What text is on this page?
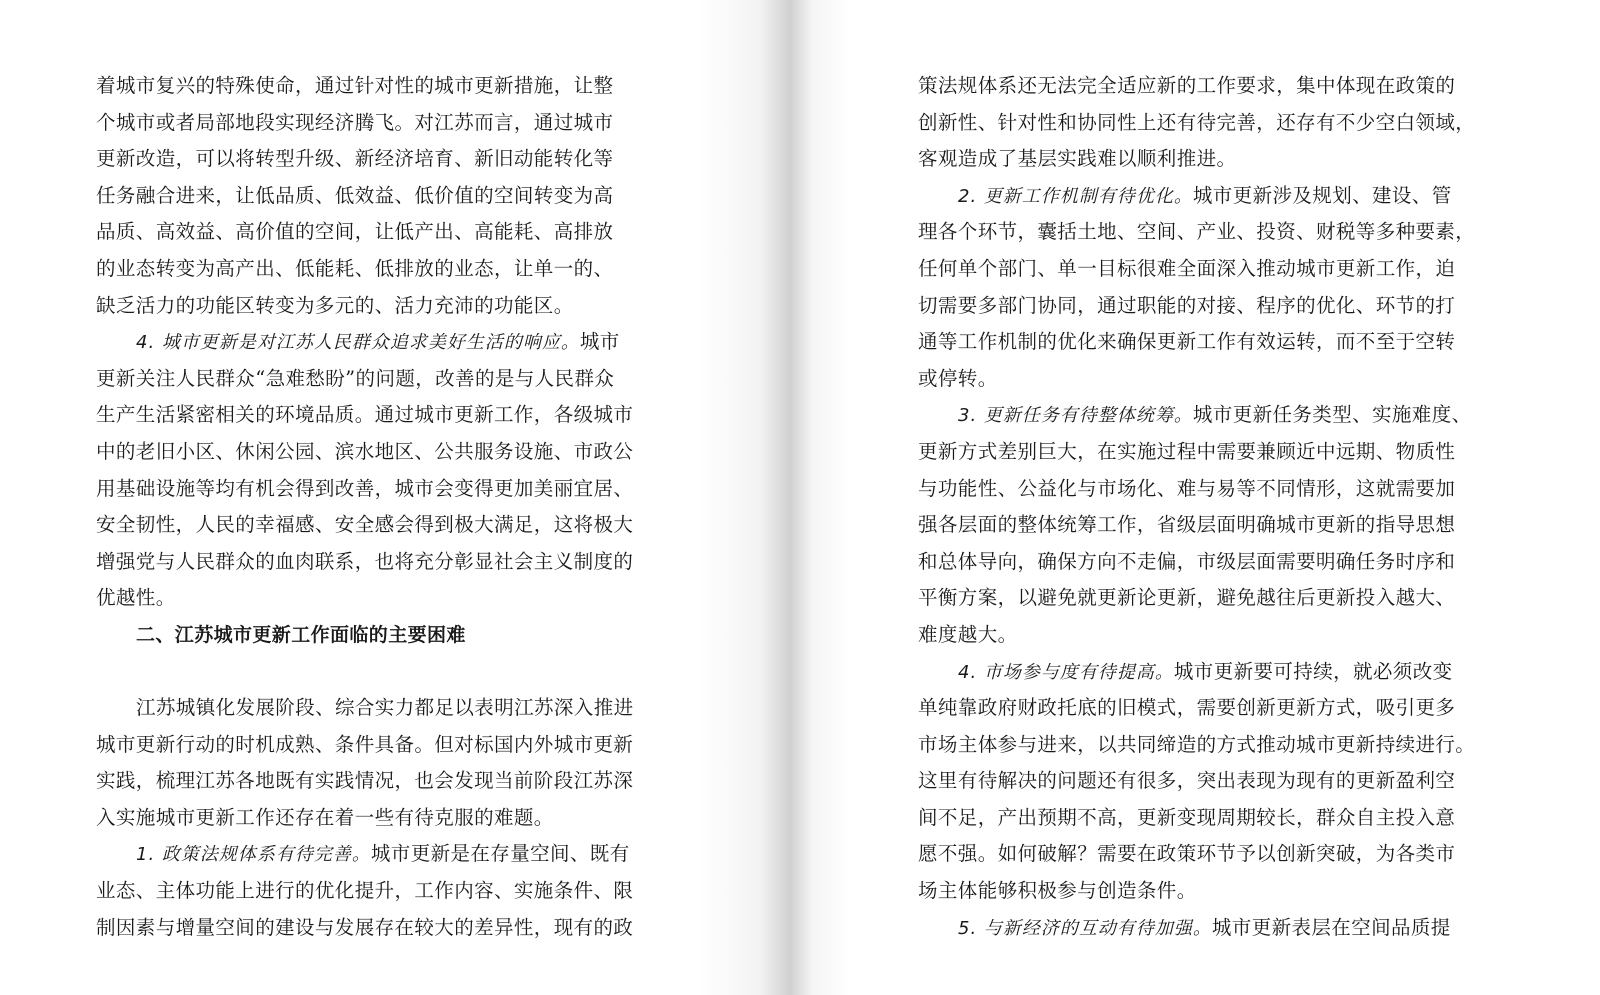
着城市复兴的特殊使命，通过针对性的城市更新措施，让整
个城市或者局部地段实现经济腾飞。对江苏而言，通过城市
更新改造，可以将转型升级、新经济培育、新旧动能转化等
任务融合进来，让低品质、低效益、低价值的空间转变为高
品质、高效益、高价值的空间，让低产出、高能耗、高排放
的业态转变为高产出、低能耗、低排放的业态，让单一的、
缺乏活力的功能区转变为多元的、活力充沛的功能区。
4. 城市更新是对江苏人民群众追求美好生活的响应。城市
更新关注人民群众“急难愁盼”的问题，改善的是与人民群众
生产生活紧密相关的环境品质。通过城市更新工作，各级城市
中的老旧小区、休闲公园、滨水地区、公共服务设施、市政公
用基础设施等均有机会得到改善，城市会变得更加美丽宜居、
安全韧性，人民的幸福感、安全感会得到极大满足，这将极大
增强党与人民群众的血肉联系，也将充分彰显社会主义制度的
优越性。
二、江苏城市更新工作面临的主要困难
江苏城镇化发展阶段、综合实力都足以表明江苏深入推进
城市更新行动的时机成熟、条件具备。但对标国内外城市更新
实践，梳理江苏各地既有实践情况，也会发现当前阶段江苏深
入实施城市更新工作还存在着一些有待克服的难题。
1. 政策法规体系有待完善。城市更新是在存量空间、既有
业态、主体功能上进行的优化提升，工作内容、实施条件、限
制因素与增量空间的建设与发展存在较大的差异性，现有的政
策法规体系还无法完全适应新的工作要求，集中体现在政策的
创新性、针对性和协同性上还有待完善，还存有不少空白领域，
客观造成了基层实践难以顺利推进。
2. 更新工作机制有待优化。城市更新涉及规划、建设、管
理各个环节，囊括土地、空间、产业、投资、财税等多种要素，
任何单个部门、单一目标很难全面深入推动城市更新工作，迫
切需要多部门协同，通过职能的对接、程序的优化、环节的打
通等工作机制的优化来确保更新工作有效运转，而不至于空转
或停转。
3. 更新任务有待整体统筹。城市更新任务类型、实施难度、
更新方式差别巨大，在实施过程中需要兼顾近中远期、物质性
与功能性、公益化与市场化、难与易等不同情形，这就需要加
强各层面的整体统筹工作，省级层面明确城市更新的指导思想
和总体导向，确保方向不走偏，市级层面需要明确任务时序和
平衡方案，以避免就更新论更新，避免越往后更新投入越大、
难度越大。
4. 市场参与度有待提高。城市更新要可持续，就必须改变
单纯靠政府财政托底的旧模式，需要创新更新方式，吸引更多
市场主体参与进来，以共同缔造的方式推动城市更新持续进行。
这里有待解决的问题还有很多，突出表现为现有的更新盈利空
间不足，产出预期不高，更新变现周期较长，群众自主投入意
愿不强。如何破解？需要在政策环节予以创新突破，为各类市
场主体能够积极参与创造条件。
5. 与新经济的互动有待加强。城市更新表层在空间品质提
